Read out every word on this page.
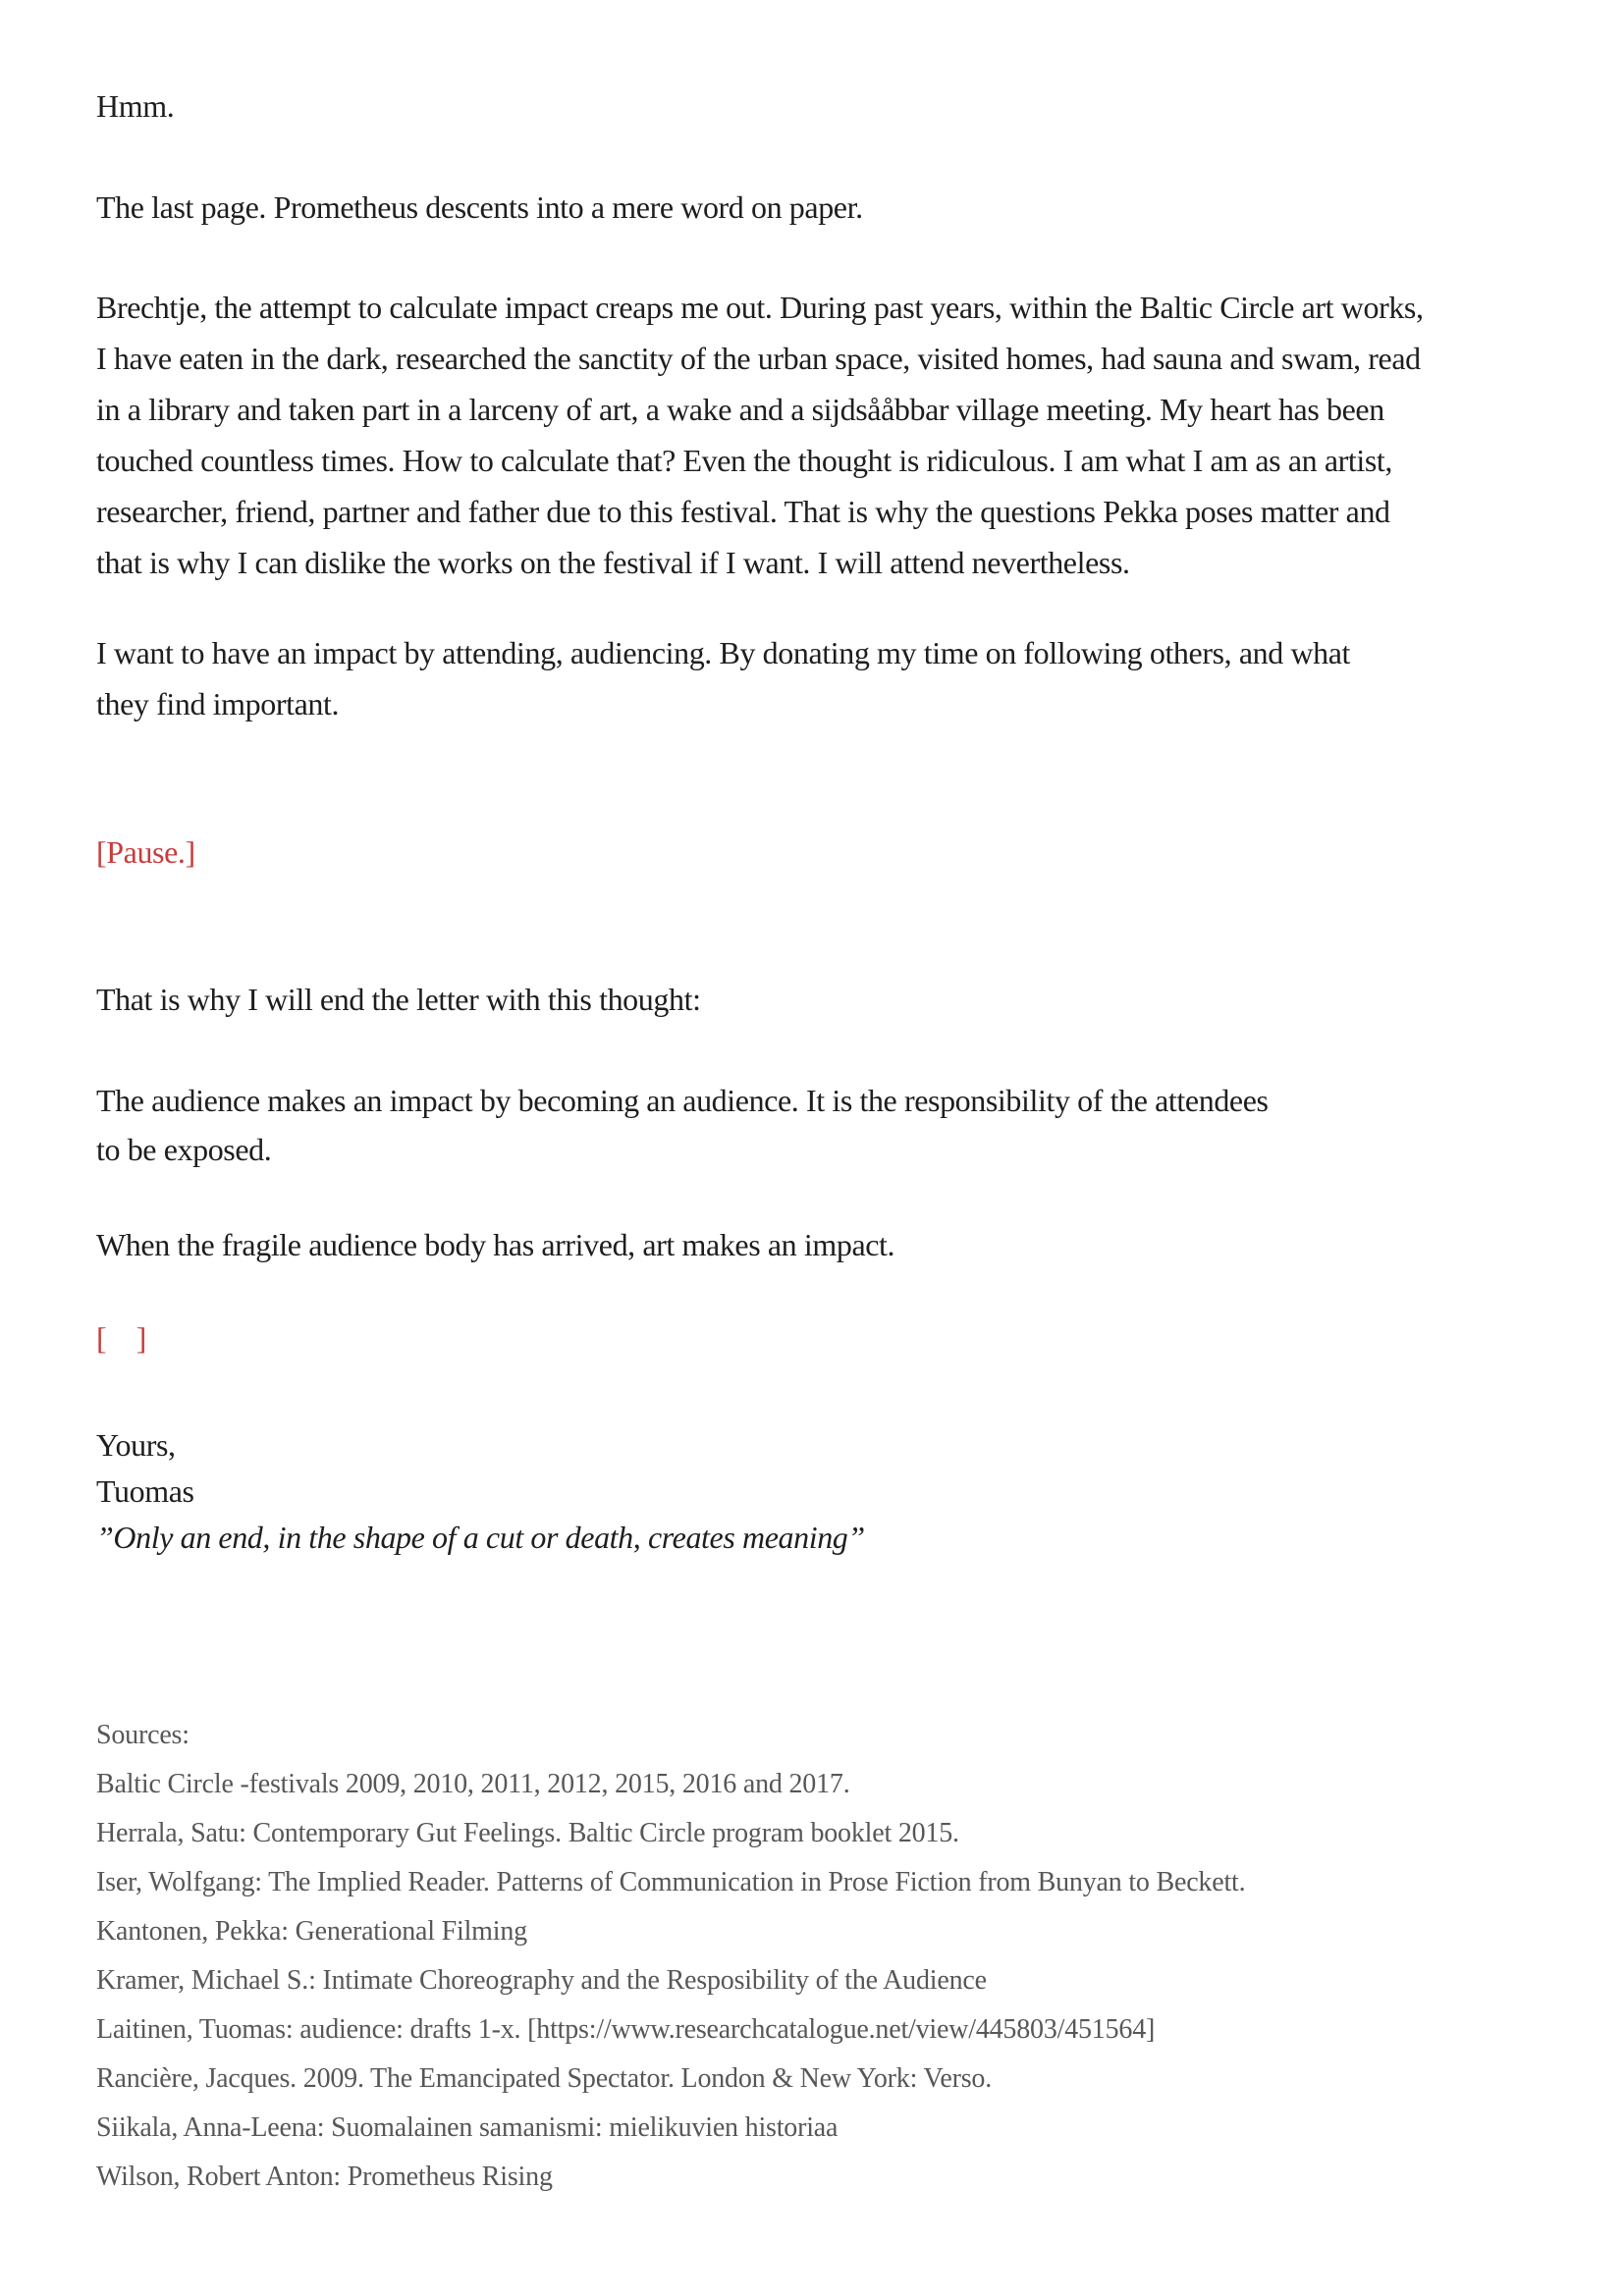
Hmm.
The last page. Prometheus descents into a mere word on paper.
Brechtje, the attempt to calculate impact creaps me out. During past years, within the Baltic Circle art works,
I have eaten in the dark, researched the sanctity of the urban space, visited homes, had sauna and swam, read
in a library and taken part in a larceny of art, a wake and a sijdsååbbar village meeting. My heart has been
touched countless times. How to calculate that? Even the thought is ridiculous. I am what I am as an artist,
researcher, friend, partner and father due to this festival. That is why the questions Pekka poses matter and
that is why I can dislike the works on the festival if I want. I will attend nevertheless.
I want to have an impact by attending, audiencing. By donating my time on following others, and what
they find important.
[Pause.]
That is why I will end the letter with this thought:
The audience makes an impact by becoming an audience. It is the responsibility of the attendees
to be exposed.
When the fragile audience body has arrived, art makes an impact.
[    ]
Yours,
Tuomas
”Only an end, in the shape of a cut or death, creates meaning”
Sources:
Baltic Circle -festivals 2009, 2010, 2011, 2012, 2015, 2016 and 2017.
Herrala, Satu: Contemporary Gut Feelings. Baltic Circle program booklet 2015.
Iser, Wolfgang: The Implied Reader. Patterns of Communication in Prose Fiction from Bunyan to Beckett.
Kantonen, Pekka: Generational Filming
Kramer, Michael S.: Intimate Choreography and the Resposibility of the Audience
Laitinen, Tuomas: audience: drafts 1-x. [https://www.researchcatalogue.net/view/445803/451564]
Rancière, Jacques. 2009. The Emancipated Spectator. London & New York: Verso.
Siikala, Anna-Leena: Suomalainen samanismi: mielikuvien historiaa
Wilson, Robert Anton: Prometheus Rising
